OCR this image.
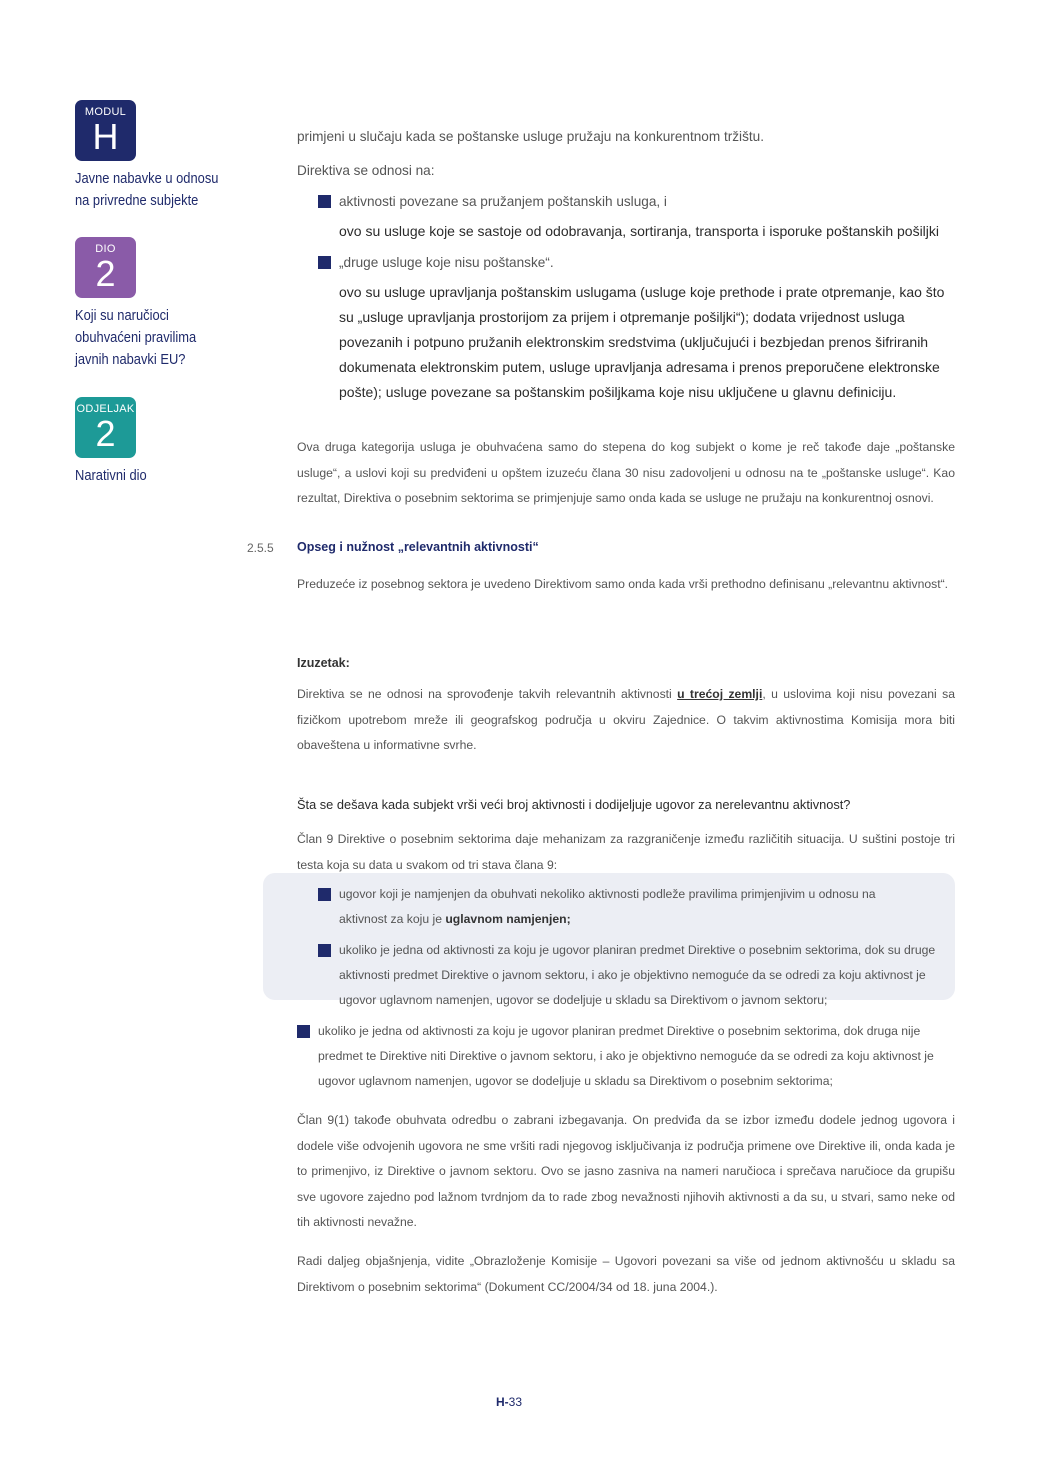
MODUL
H
Javne nabavke u odnosu na privredne subjekte
DIO
2
Koji su naručioci obuhvaćeni pravilima javnih nabavki EU?
ODJELJAK
2
Narativni dio
primjeni u slučaju kada se poštanske usluge pružaju na konkurentnom tržištu.
Direktiva se odnosi na:
aktivnosti povezane sa pružanjem poštanskih usluga, i
ovo su usluge koje se sastoje od odobravanja, sortiranja, transporta i isporuke poštanskih pošiljki
„druge usluge koje nisu poštanske“.
ovo su usluge upravljanja poštanskim uslugama (usluge koje prethode i prate otpremanje, kao što su „usluge upravljanja prostorijom za prijem i otpremanje pošiljki“); dodata vrijednost usluga povezanih i potpuno pružanih elektronskim sredstvima (uključujući i bezbjedan prenos šifriranih dokumenata elektronskim putem, usluge upravljanja adresama i prenos preporučene elektronske pošte); usluge povezane sa poštanskim pošiljkama koje nisu uključene u glavnu definiciju.
Ova druga kategorija usluga je obuhvaćena samo do stepena do kog subjekt o kome je reč takođe daje „poštanske usluge“, a uslovi koji su predviđeni u opštem izuzeću člana 30 nisu zadovoljeni u odnosu na te „poštanske usluge“. Kao rezultat, Direktiva o posebnim sektorima se primjenjuje samo onda kada se usluge ne pružaju na konkurentnoj osnovi.
2.5.5 Opseg i nužnost „relevantnih aktivnosti“
Preduzeće iz posebnog sektora je uvedeno Direktivom samo onda kada vrši prethodno definisanu „relevantnu aktivnost“.
Izuzetak:
Direktiva se ne odnosi na sprovođenje takvih relevantnih aktivnosti u trećoj zemlji, u uslovima koji nisu povezani sa fizičkom upotrebom mreže ili geografskog područja u okviru Zajednice. O takvim aktivnostima Komisija mora biti obaveštena u informativne svrhe.
Šta se dešava kada subjekt vrši veći broj aktivnosti i dodijeljuje ugovor za nerelevantnu aktivnost?
Član 9 Direktive o posebnim sektorima daje mehanizam za razgraničenje između različitih situacija. U suštini postoje tri testa koja su data u svakom od tri stava člana 9:
ugovor koji je namjenjen da obuhvati nekoliko aktivnosti podleže pravilima primjenjivim u odnosu na aktivnost za koju je uglavnom namjenjen;
ukoliko je jedna od aktivnosti za koju je ugovor planiran predmet Direktive o posebnim sektorima, dok su druge aktivnosti predmet Direktive o javnom sektoru, i ako je objektivno nemoguće da se odredi za koju aktivnost je ugovor uglavnom namenjen, ugovor se dodeljuje u skladu sa Direktivom o javnom sektoru;
ukoliko je jedna od aktivnosti za koju je ugovor planiran predmet Direktive o posebnim sektorima, dok druga nije predmet te Direktive niti Direktive o javnom sektoru, i ako je objektivno nemoguće da se odredi za koju aktivnost je ugovor uglavnom namenjen, ugovor se dodeljuje u skladu sa Direktivom o posebnim sektorima;
Član 9(1) takođe obuhvata odredbu o zabrani izbegavanja. On predviđa da se izbor između dodele jednog ugovora i dodele više odvojenih ugovora ne sme vršiti radi njegovog isključivanja iz područja primene ove Direktive ili, onda kada je to primenjivo, iz Direktive o javnom sektoru. Ovo se jasno zasniva na nameri naručioca i sprečava naručioce da grupišu sve ugovore zajedno pod lažnom tvrdnjom da to rade zbog nevažnosti njihovih aktivnosti a da su, u stvari, samo neke od tih aktivnosti nevažne.
Radi daljeg objašnjenja, vidite „Obrazloženje Komisije – Ugovori povezani sa više od jednom aktivnošću u skladu sa Direktivom o posebnim sektorima“ (Dokument CC/2004/34 od 18. juna 2004.).
H-33
